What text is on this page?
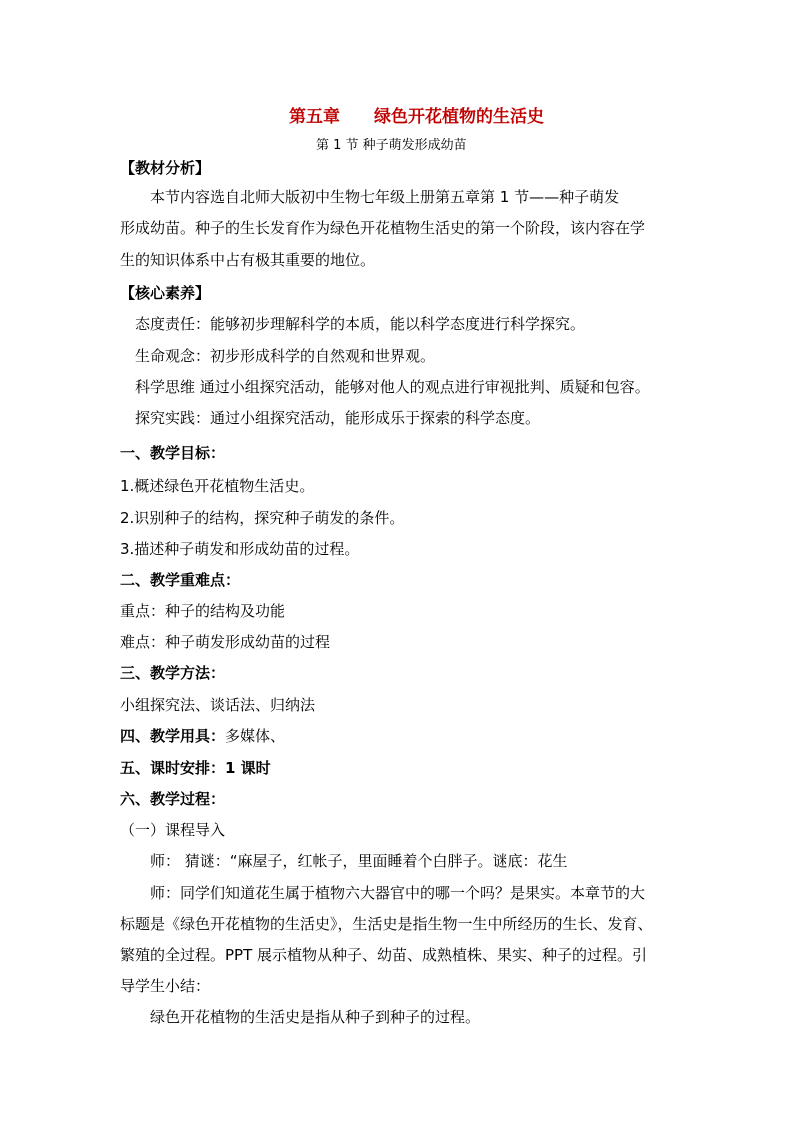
第五章 绿色开花植物的生活史
第 1 节 种子萌发形成幼苗
【教材分析】
本节内容选自北师大版初中生物七年级上册第五章第 1 节——种子萌发
形成幼苗。种子的生长发育作为绿色开花植物生活史的第一个阶段，该内容在学
生的知识体系中占有极其重要的地位。
【核心素养】
态度责任：能够初步理解科学的本质，能以科学态度进行科学探究。
生命观念：初步形成科学的自然观和世界观。
科学思维 通过小组探究活动，能够对他人的观点进行审视批判、质疑和包容。
探究实践：通过小组探究活动，能形成乐于探索的科学态度。
一、教学目标：
1.概述绿色开花植物生活史。
2.识别种子的结构，探究种子萌发的条件。
3.描述种子萌发和形成幼苗的过程。
二、教学重难点：
重点：种子的结构及功能
难点：种子萌发形成幼苗的过程
三、教学方法：
小组探究法、谈话法、归纳法
四、教学用具：多媒体、
五、课时安排：1 课时
六、教学过程：
（一）课程导入
师： 猜谜：“麻屋子，红帐子，里面睡着个白胖子。谜底：花生
师：同学们知道花生属于植物六大器官中的哪一个吗？是果实。本章节的大
标题是《绿色开花植物的生活史》，生活史是指生物一生中所经历的生长、发育、
繁殖的全过程。PPT 展示植物从种子、幼苗、成熟植株、果实、种子的过程。引
导学生小结：
绿色开花植物的生活史是指从种子到种子的过程。
